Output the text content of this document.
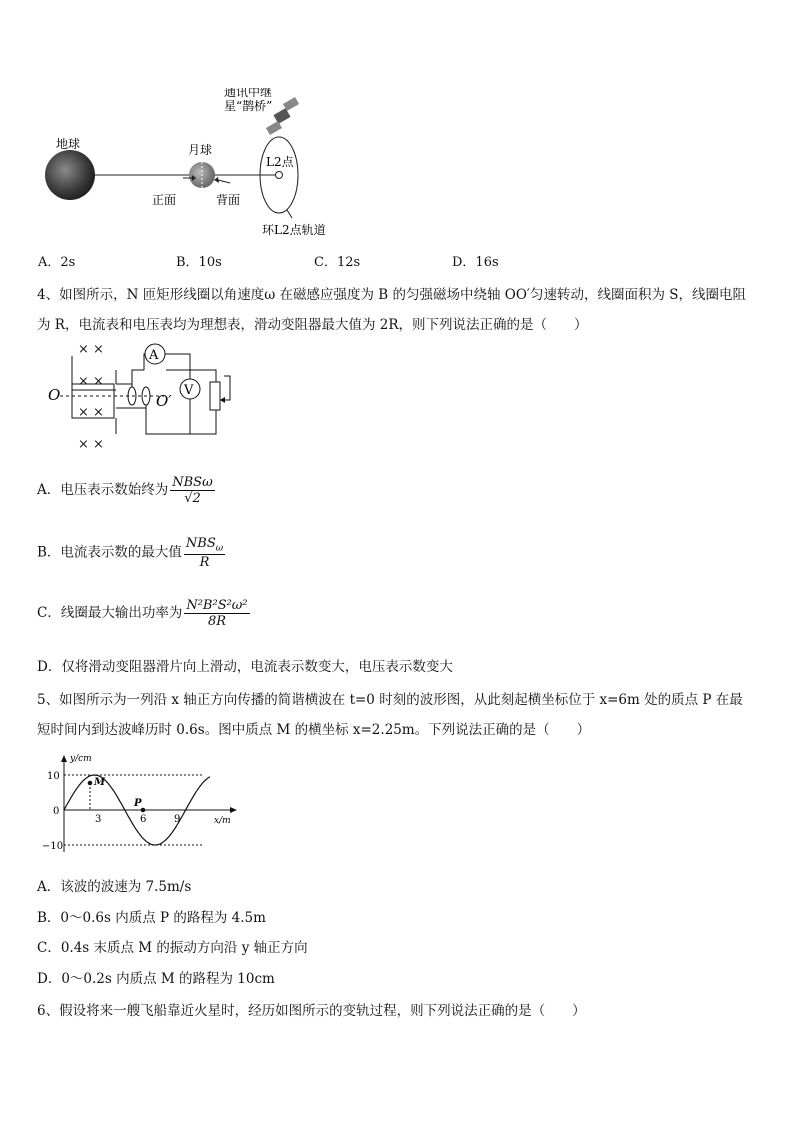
地球	月球
通讯中继
星“鹊桥”
L2点
正面	背面
环L2点轨道
A．2s	B．10s	C．12s	D．16s
4、如图所示，N 匝矩形线圈以角速度ω 在磁感应强度为 B 的匀强磁场中绕轴 OO′匀速转动，线圈面积为 S，线圈电阻
为 R，电流表和电压表均为理想表，滑动变阻器最大值为 2R，则下列说法正确的是（　　）
× ×
× ×
× ×
× ×
A
V
O	O′
A．电压表示数始终为 $\frac{\text{NBSω}}{√2}$
B．电流表示数的最大值 $\frac{NBS_\omega}{R}$
C．线圈最大输出功率为 $\frac{\text{N²B²S²ω²}}{8R}$
D．仅将滑动变阻器滑片向上滑动，电流表示数变大，电压表示数变大
5、如图所示为一列沿 x 轴正方向传播的简谐横波在 t=0 时刻的波形图，从此刻起横坐标位于 x=6m 处的质点 P 在最
短时间内到达波峰历时 0.6s。图中质点 M 的横坐标 x=2.25m。下列说法正确的是（　　）
y/cm
x/m
10
0
−10
3	6	9
M
P
A．该波的波速为 7.5m/s
B．0～0.6s 内质点 P 的路程为 4.5m
C．0.4s 末质点 M 的振动方向沿 y 轴正方向
D．0～0.2s 内质点 M 的路程为 10cm
6、假设将来一艘飞船靠近火星时，经历如图所示的变轨过程，则下列说法正确的是（　　）
